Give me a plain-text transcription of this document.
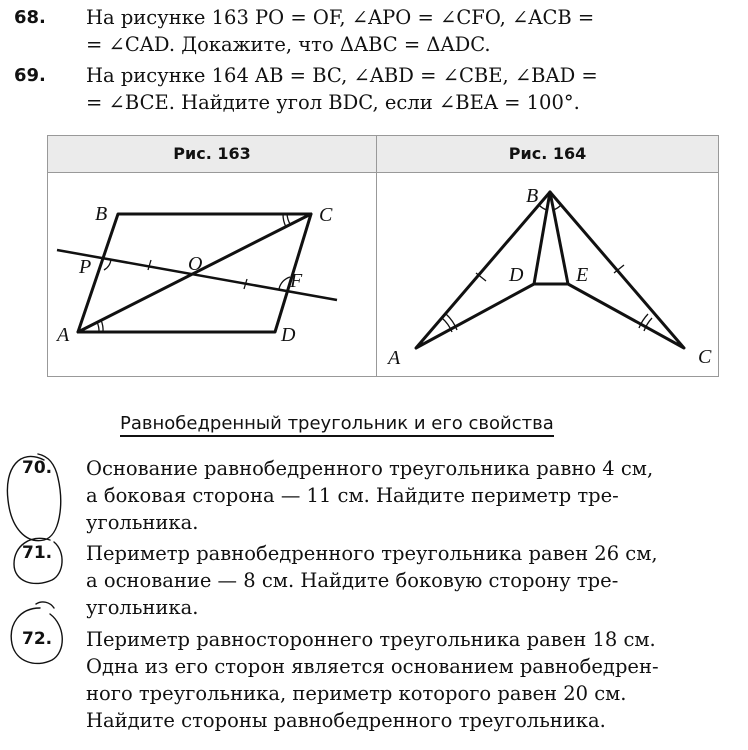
68. На рисунке 163 PO = OF, ∠APO = ∠CFO, ∠ACB =
= ∠CAD. Докажите, что ΔABC = ΔADC.
69. На рисунке 164 AB = BC, ∠ABD = ∠CBE, ∠BAD =
= ∠BCE. Найдите угол BDC, если ∠BEA = 100°.
Рис. 163	Рис. 164
B	C
P	O
F
A	D
B
D	E
A	C
Равнобедренный треугольник и его свойства
70. Основание равнобедренного треугольника равно 4 см,
а боковая сторона — 11 см. Найдите периметр тре-
угольника.
71. Периметр равнобедренного треугольника равен 26 см,
а основание — 8 см. Найдите боковую сторону тре-
угольника.
72. Периметр равностороннего треугольника равен 18 см.
Одна из его сторон является основанием равнобедрен-
ного треугольника, периметр которого равен 20 см.
Найдите стороны равнобедренного треугольника.
